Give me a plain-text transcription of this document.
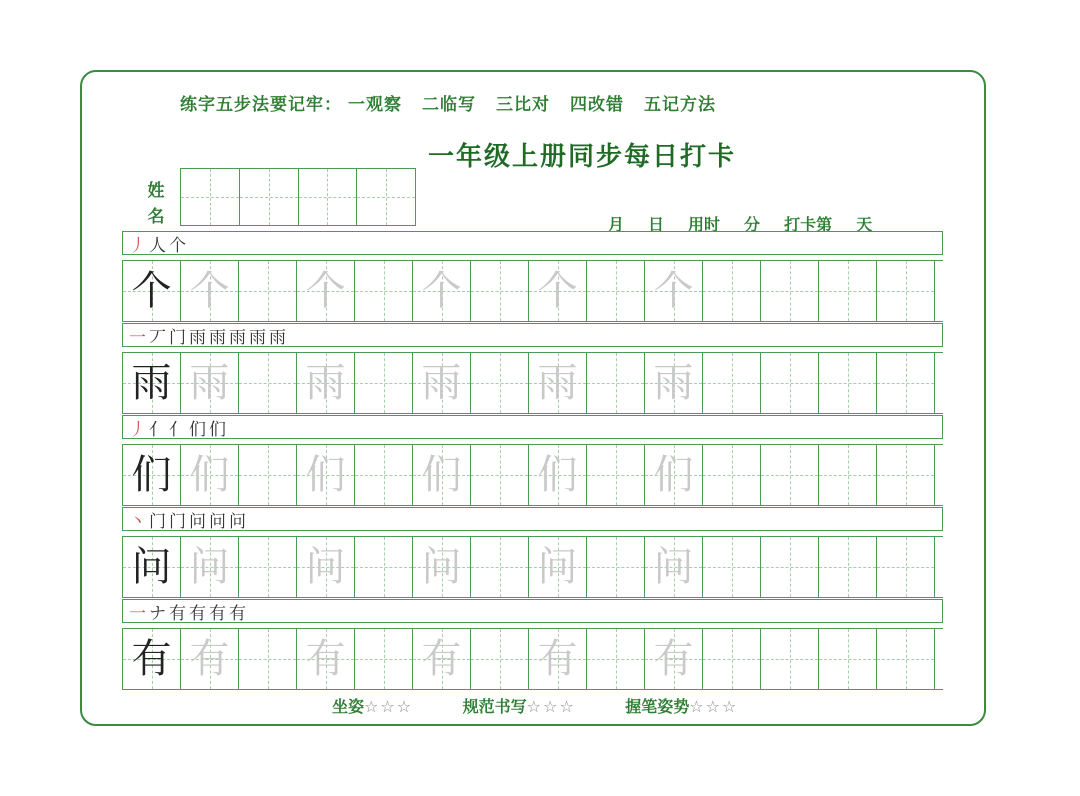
练字五步法要记牢： 一观察 二临写 三比对 四改错 五记方法
一年级上册同步每日打卡
姓
名	月 日 用时 分 打卡第 天
丿 人 个
个 个 个 个 个 个
一 丆 门 雨 雨 雨 雨 雨
雨 雨 雨 雨 雨 雨
丿 亻 亻 们 们
们 们 们 们 们 们
丶 门 门 问 问 问
问 问 问 问 问 问
一 ナ 有 有 有 有
有 有 有 有 有 有
坐姿☆☆☆	规范书写☆☆☆	握笔姿势☆☆☆
